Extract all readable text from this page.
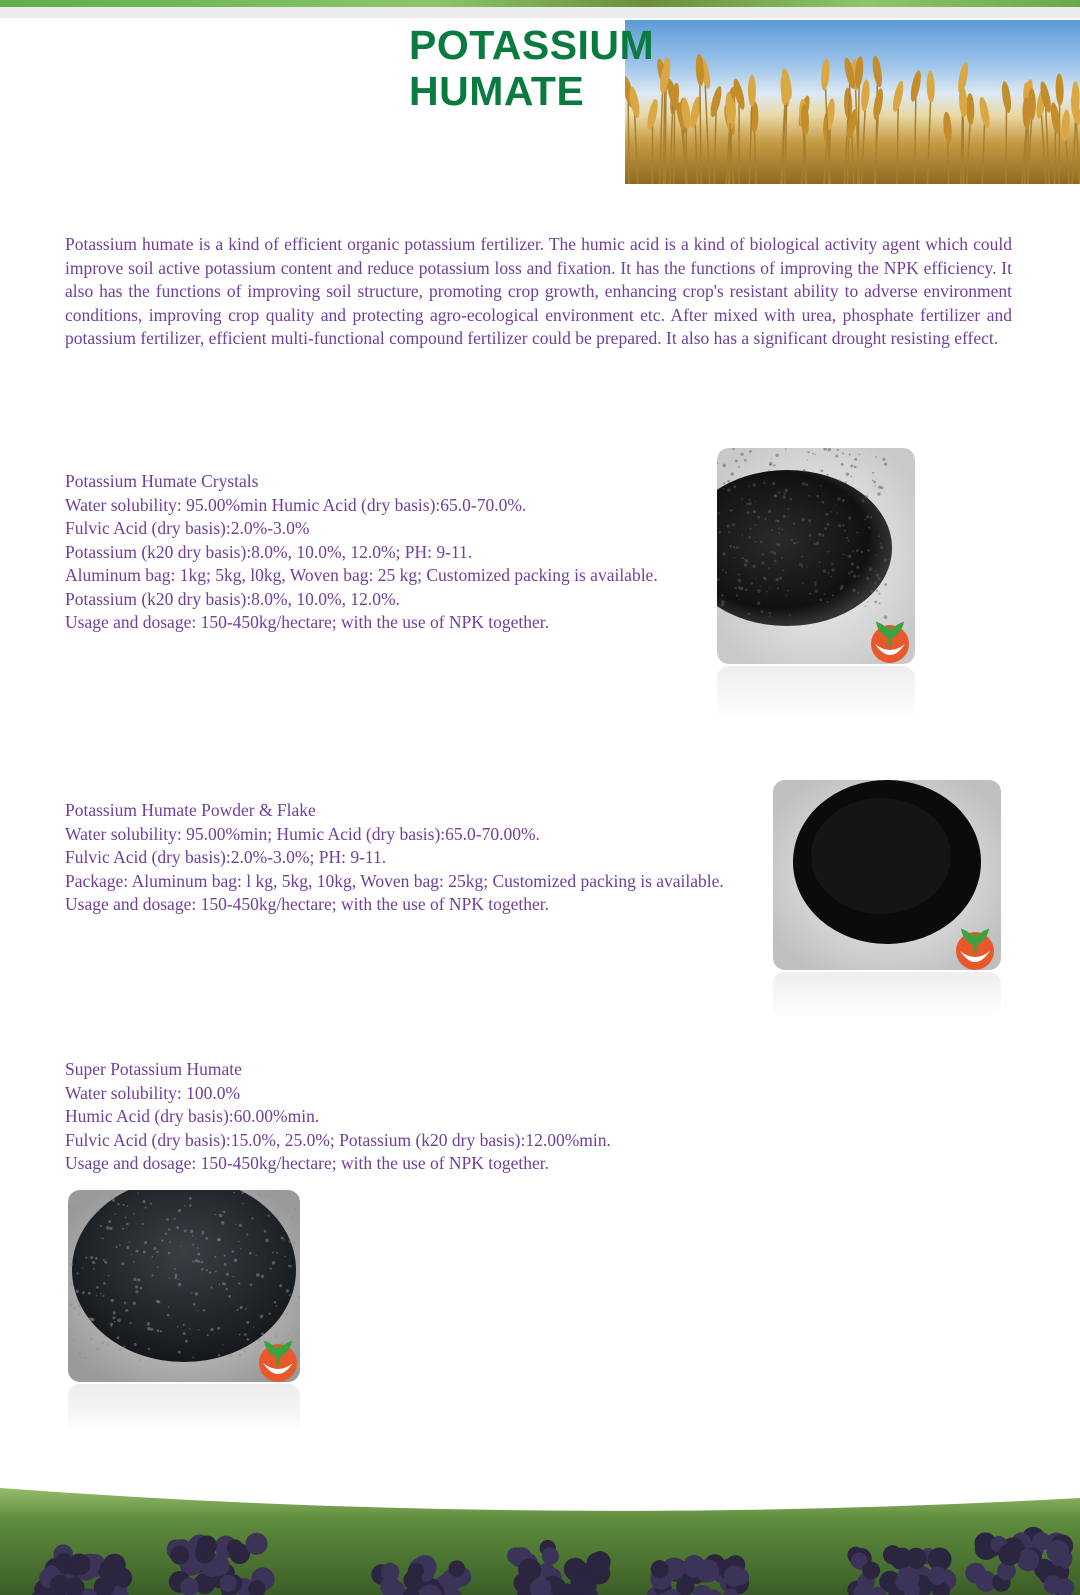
POTASSIUM
HUMATE
Potassium humate is a kind of efficient organic potassium fertilizer. The humic acid is a kind of biological activity agent which could improve soil active potassium content and reduce potassium loss and fixation. It has the functions of improving the NPK efficiency. It also has the functions of improving soil structure, promoting crop growth, enhancing crop's resistant ability to adverse environment conditions, improving crop quality and protecting agro-ecological environment etc. After mixed with urea, phosphate fertilizer and potassium fertilizer, efficient multi-functional compound fertilizer could be prepared. It also has a significant drought resisting effect.
Potassium Humate Crystals
Water solubility: 95.00%min Humic Acid (dry basis):65.0-70.0%.
Fulvic Acid (dry basis):2.0%-3.0%
Potassium (k20 dry basis):8.0%, 10.0%, 12.0%; PH: 9-11.
Aluminum bag: 1kg; 5kg, l0kg, Woven bag: 25 kg; Customized packing is available.
Potassium (k20 dry basis):8.0%, 10.0%, 12.0%.
Usage and dosage: 150-450kg/hectare; with the use of NPK together.
Potassium Humate Powder & Flake
Water solubility: 95.00%min; Humic Acid (dry basis):65.0-70.00%.
Fulvic Acid (dry basis):2.0%-3.0%; PH: 9-11.
Package: Aluminum bag: l kg, 5kg, 10kg, Woven bag: 25kg; Customized packing is available.
Usage and dosage: 150-450kg/hectare; with the use of NPK together.
Super Potassium Humate
Water solubility: 100.0%
Humic Acid (dry basis):60.00%min.
Fulvic Acid (dry basis):15.0%, 25.0%; Potassium (k20 dry basis):12.00%min.
Usage and dosage: 150-450kg/hectare; with the use of NPK together.
